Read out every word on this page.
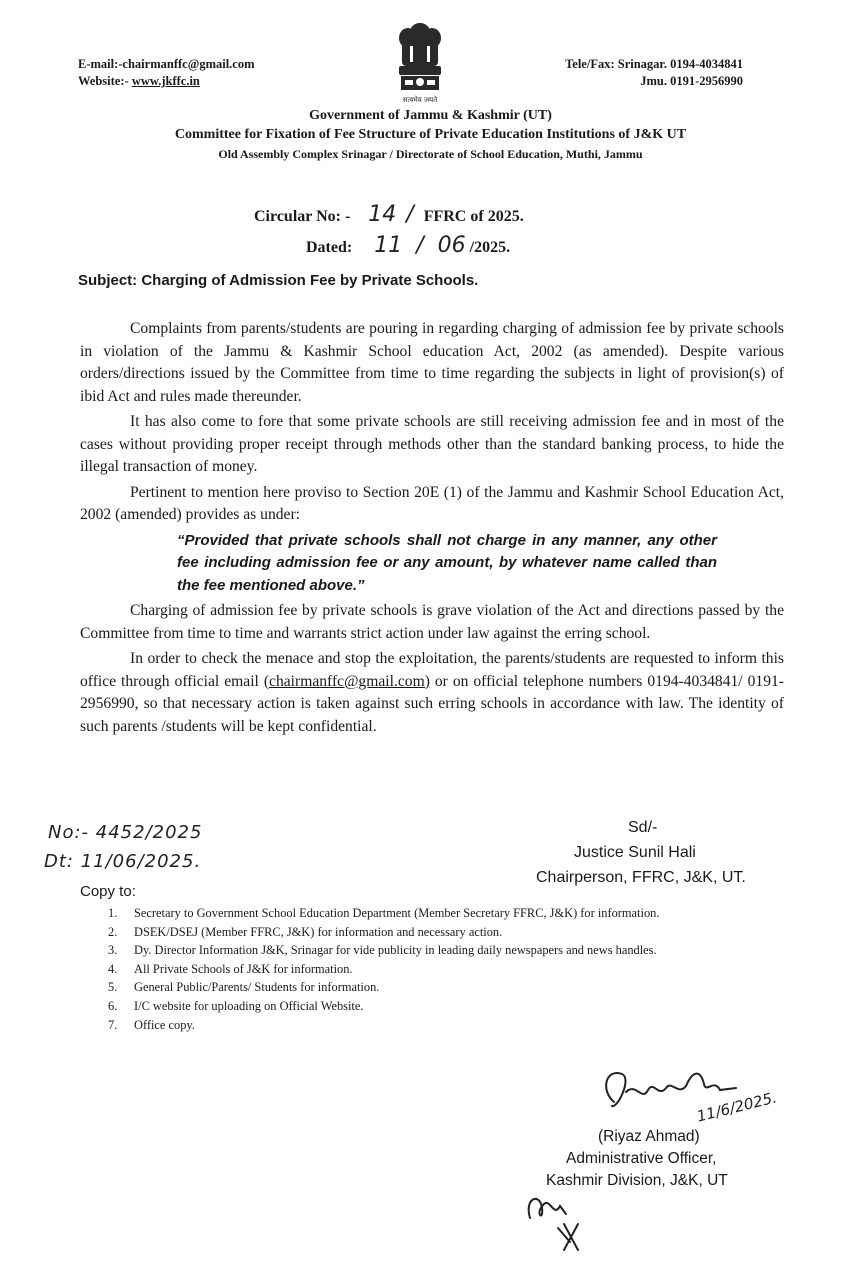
E-mail:-chairmanffc@gmail.com
Website:- www.jkffc.in
Tele/Fax: Srinagar. 0194-4034841
Jmu. 0191-2956990
सत्यमेव जयते
Government of Jammu & Kashmir (UT)
Committee for Fixation of Fee Structure of Private Education Institutions of J&K UT
Old Assembly Complex Srinagar / Directorate of School Education, Muthi, Jammu
Circular No: - 14 / FFRC of 2025.
Dated: 11 / 06 /2025.
Subject: Charging of Admission Fee by Private Schools.

Complaints from parents/students are pouring in regarding charging of admission fee by private schools in violation of the Jammu & Kashmir School education Act, 2002 (as amended). Despite various orders/directions issued by the Committee from time to time regarding the subjects in light of provision(s) of ibid Act and rules made thereunder.

It has also come to fore that some private schools are still receiving admission fee and in most of the cases without providing proper receipt through methods other than the standard banking process, to hide the illegal transaction of money.

Pertinent to mention here proviso to Section 20E (1) of the Jammu and Kashmir School Education Act, 2002 (amended) provides as under:

“Provided that private schools shall not charge in any manner, any other fee including admission fee or any amount, by whatever name called than the fee mentioned above.”

Charging of admission fee by private schools is grave violation of the Act and directions passed by the Committee from time to time and warrants strict action under law against the erring school.

In order to check the menace and stop the exploitation, the parents/students are requested to inform this office through official email (chairmanffc@gmail.com) or on official telephone numbers 0194-4034841/ 0191-2956990, so that necessary action is taken against such erring schools in accordance with law. The identity of such parents /students will be kept confidential.

No:- 4452/2025
Dt: 11/06/2025.
Sd/-
Justice Sunil Hali
Chairperson, FFRC, J&K, UT.
Copy to:
1. Secretary to Government School Education Department (Member Secretary FFRC, J&K) for information.
2. DSEK/DSEJ (Member FFRC, J&K) for information and necessary action.
3. Dy. Director Information J&K, Srinagar for vide publicity in leading daily newspapers and news handles.
4. All Private Schools of J&K for information.
5. General Public/Parents/ Students for information.
6. I/C website for uploading on Official Website.
7. Office copy.
11/6/2025.
(Riyaz Ahmad)
Administrative Officer,
Kashmir Division, J&K, UT
